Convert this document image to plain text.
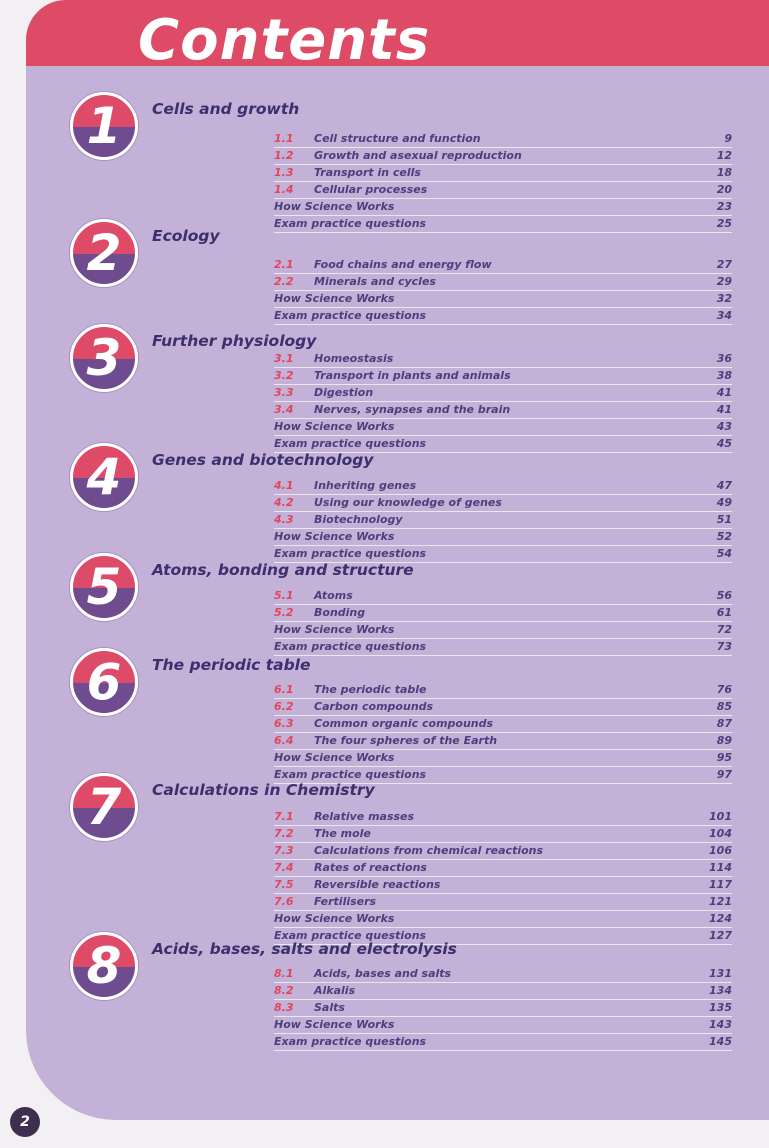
Contents
1	Cells and growth
1.1 Cell structure and function	9
1.2 Growth and asexual reproduction	12
1.3 Transport in cells	18
1.4 Cellular processes	20
How Science Works	23
Exam practice questions	25
2	Ecology
2.1 Food chains and energy flow	27
2.2 Minerals and cycles	29
How Science Works	32
Exam practice questions	34
3	Further physiology
3.1 Homeostasis	36
3.2 Transport in plants and animals	38
3.3 Digestion	41
3.4 Nerves, synapses and the brain	41
How Science Works	43
Exam practice questions	45
4	Genes and biotechnology
4.1 Inheriting genes	47
4.2 Using our knowledge of genes	49
4.3 Biotechnology	51
How Science Works	52
Exam practice questions	54
5	Atoms, bonding and structure
5.1 Atoms	56
5.2 Bonding	61
How Science Works	72
Exam practice questions	73
6	The periodic table
6.1 The periodic table	76
6.2 Carbon compounds	85
6.3 Common organic compounds	87
6.4 The four spheres of the Earth	89
How Science Works	95
Exam practice questions	97
7	Calculations in Chemistry
7.1 Relative masses	101
7.2 The mole	104
7.3 Calculations from chemical reactions	106
7.4 Rates of reactions	114
7.5 Reversible reactions	117
7.6 Fertilisers	121
How Science Works	124
Exam practice questions	127
8	Acids, bases, salts and electrolysis
8.1 Acids, bases and salts	131
8.2 Alkalis	134
8.3 Salts	135
How Science Works	143
Exam practice questions	145
2
